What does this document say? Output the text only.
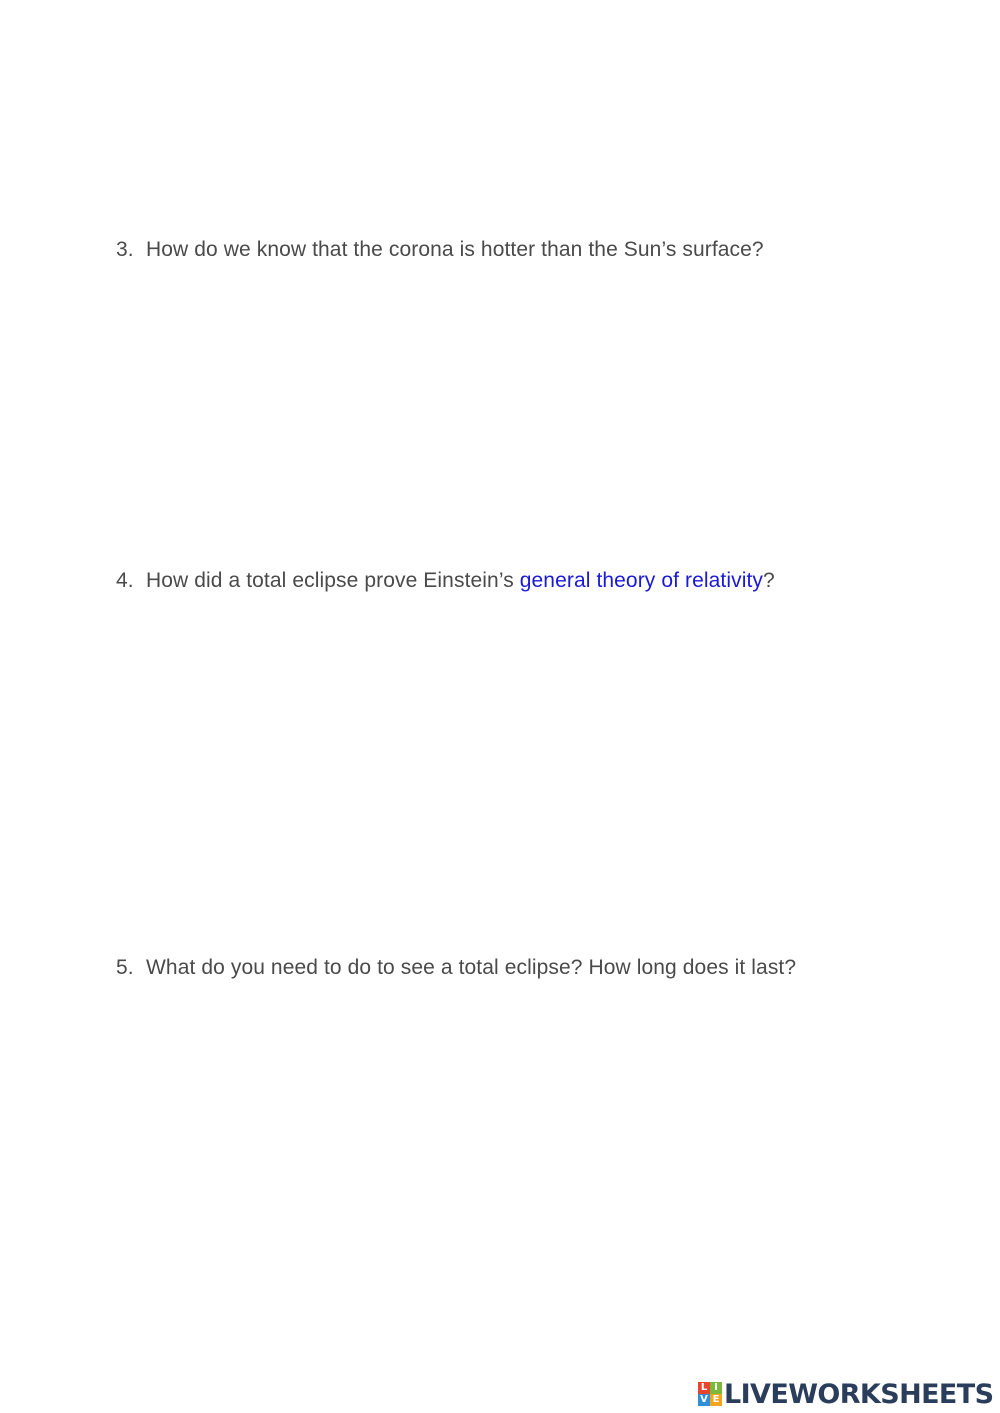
3. How do we know that the corona is hotter than the Sun’s surface?
4. How did a total eclipse prove Einstein’s general theory of relativity?
5. What do you need to do to see a total eclipse? How long does it last?
L I
V E LIVEWORKSHEETS
